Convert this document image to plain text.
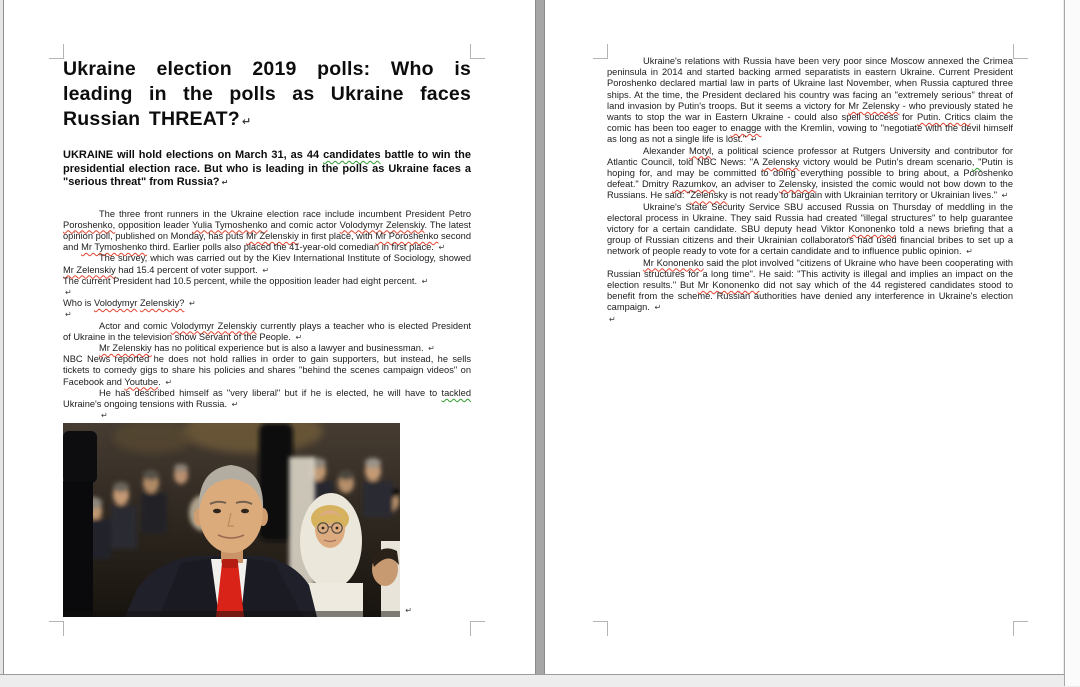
Ukraine election 2019 polls: Who is leading in the polls as Ukraine faces Russian THREAT? ↵

UKRAINE will hold elections on March 31, as 44 candidates battle to win the presidential election race. But who is leading in the polls as Ukraine faces a "serious threat" from Russia? ↵

The three front runners in the Ukraine election race include incumbent President Petro Poroshenko, opposition leader Yulia Tymoshenko and comic actor Volodymyr Zelenskiy. The latest opinion poll, published on Monday, has puts Mr Zelenskiy in first place, with Mr Poroshenko second and Mr Tymoshenko third. Earlier polls also placed the 41-year-old comedian in first place. ↵

The survey, which was carried out by the Kiev International Institute of Sociology, showed Mr Zelenskiy had 15.4 percent of voter support. ↵

The current President had 10.5 percent, while the opposition leader had eight percent. ↵

↵

Who is Volodymyr Zelenskiy? ↵

↵

Actor and comic Volodymyr Zelenskiy currently plays a teacher who is elected President of Ukraine in the television show Servant of the People. ↵

Mr Zelenskiy has no political experience but is also a lawyer and businessman. ↵

NBC News reported he does not hold rallies in order to gain supporters, but instead, he sells tickets to comedy gigs to share his policies and shares "behind the scenes campaign videos" on Facebook and Youtube. ↵

He has described himself as "very liberal" but if he is elected, he will have to tackled Ukraine's ongoing tensions with Russia. ↵

↵

↵

Ukraine's relations with Russia have been very poor since Moscow annexed the Crimea peninsula in 2014 and started backing armed separatists in eastern Ukraine. Current President Poroshenko declared martial law in parts of Ukraine last November, when Russia captured three ships. At the time, the President declared his country was facing an "extremely serious" threat of land invasion by Putin's troops. But it seems a victory for Mr Zelensky - who previously stated he wants to stop the war in Eastern Ukraine - could also spell success for Putin. Critics claim the comic has been too eager to enagge with the Kremlin, vowing to "negotiate with the devil himself as long as not a single life is lost." ↵

Alexander Motyl, a political science professor at Rutgers University and contributor for Atlantic Council, told NBC News: "A Zelensky victory would be Putin's dream scenario, "Putin is hoping for, and may be committed to doing everything possible to bring about, a Poroshenko defeat." Dmitry Razumkov, an adviser to Zelensky, insisted the comic would not bow down to the Russians. He said: "Zelensky is not ready to bargain with Ukrainian territory or Ukrainian lives." ↵

Ukraine's State Security Service SBU accused Russia on Thursday of meddling in the electoral process in Ukraine. They said Russia had created "illegal structures" to help guarantee victory for a certain candidate. SBU deputy head Viktor Kononenko told a news briefing that a group of Russian citizens and their Ukrainian collaborators had used financial bribes to set up a network of people ready to vote for a certain candidate and to influence public opinion. ↵

Mr Kononenko said the plot involved "citizens of Ukraine who have been cooperating with Russian structures for a long time". He said: "This activity is illegal and implies an impact on the election results." But Mr Kononenko did not say which of the 44 registered candidates stood to benefit from the scheme. Russian authorities have denied any interference in Ukraine's election campaign. ↵

↵
